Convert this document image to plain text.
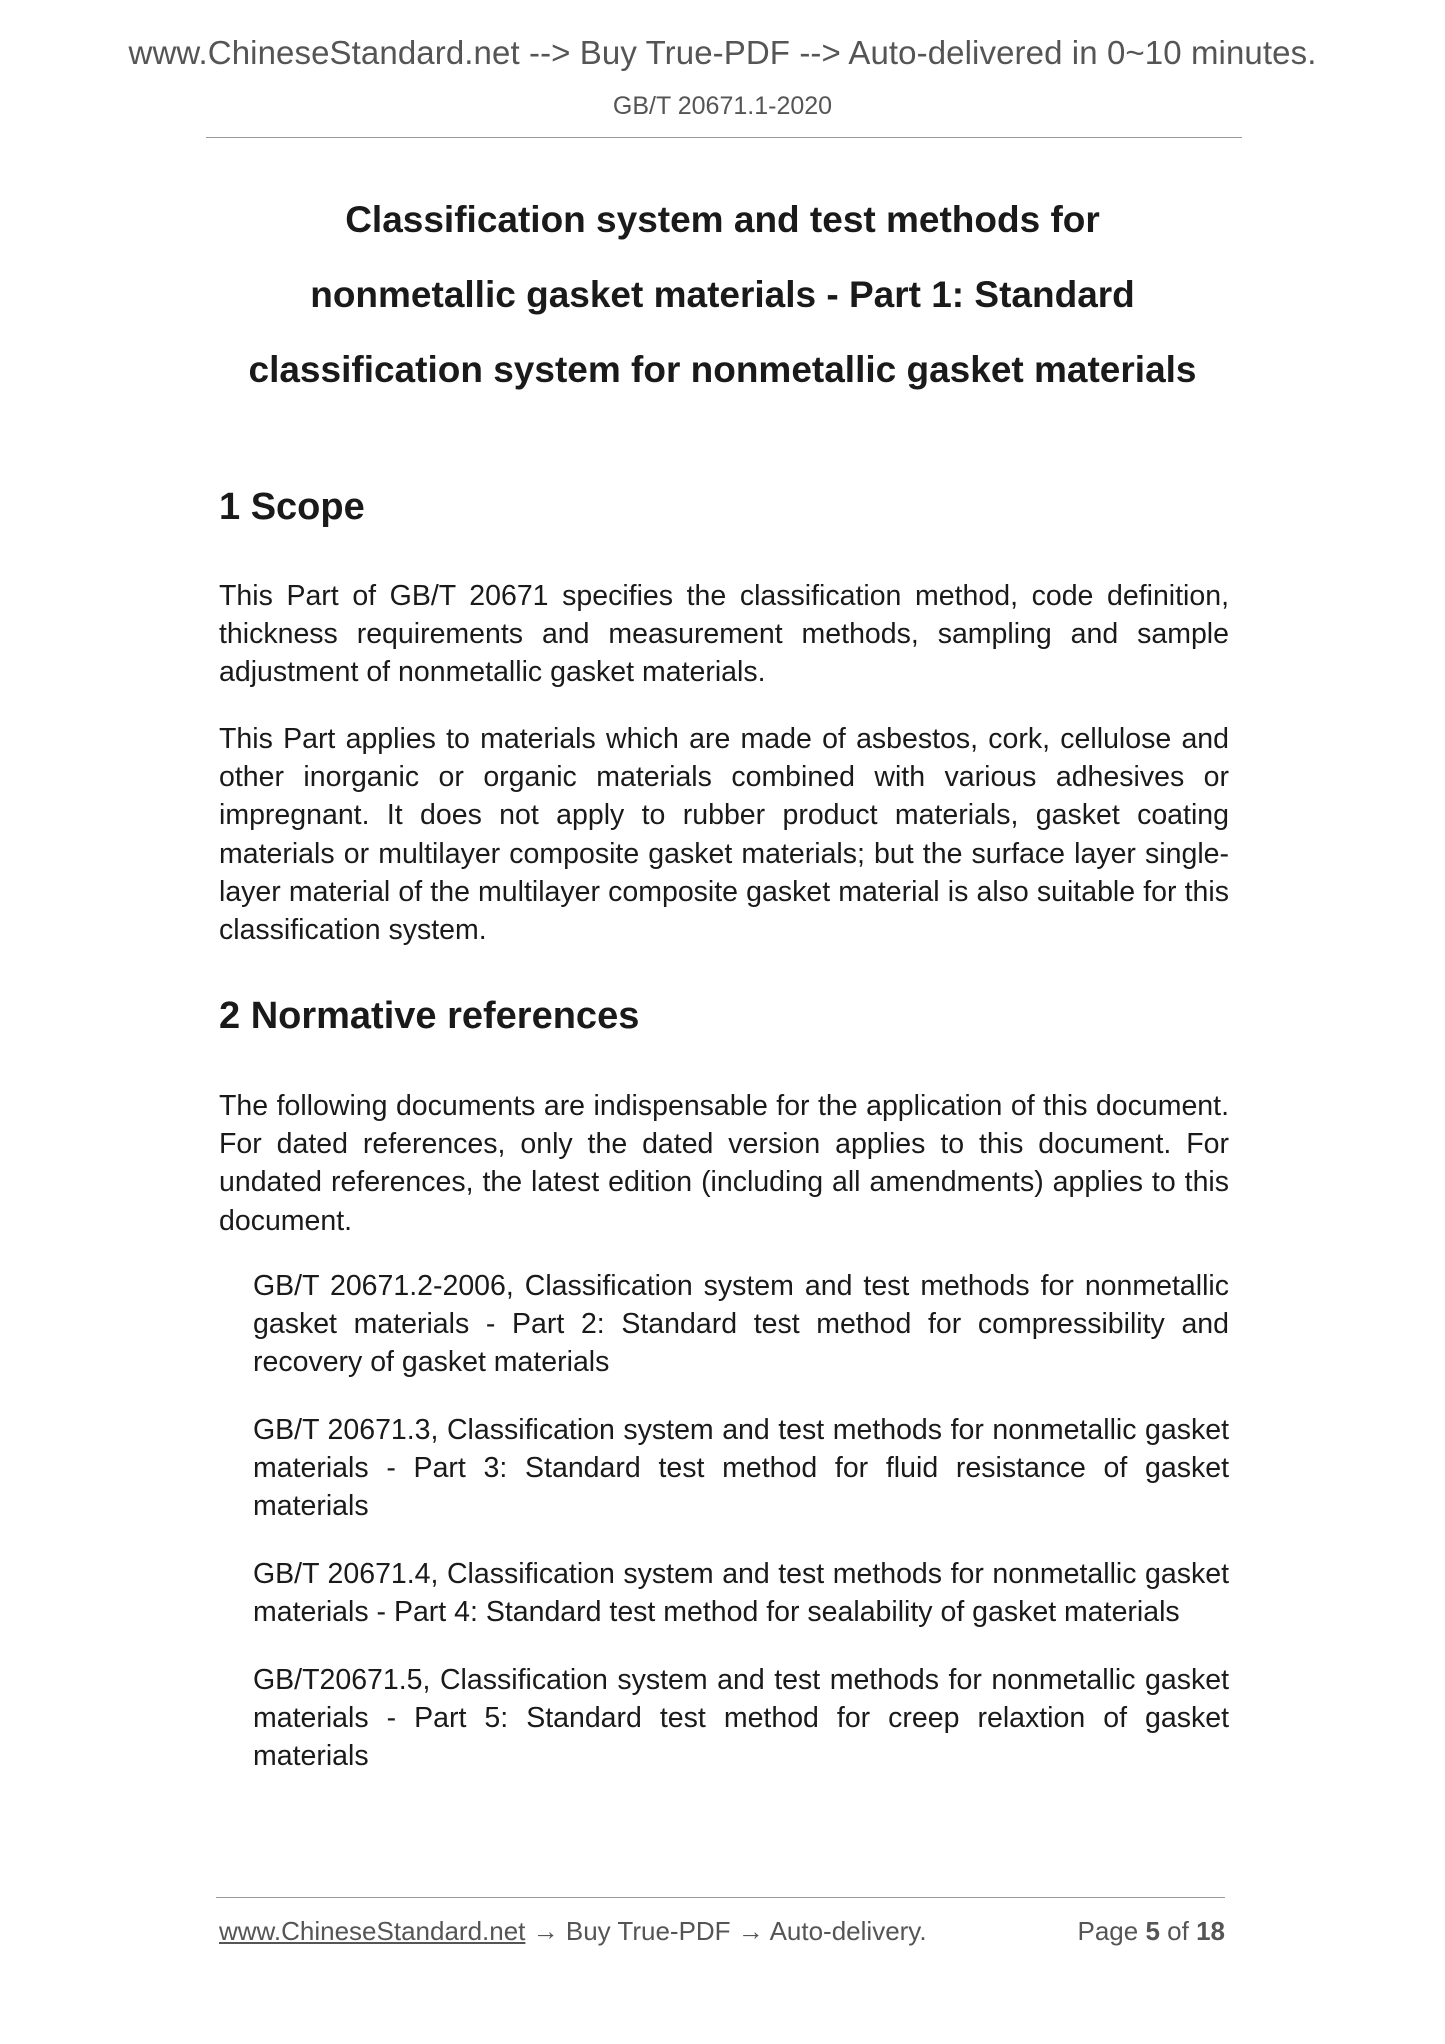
www.ChineseStandard.net --> Buy True-PDF --> Auto-delivered in 0~10 minutes.
GB/T 20671.1-2020
Classification system and test methods for
nonmetallic gasket materials - Part 1: Standard
classification system for nonmetallic gasket materials
1 Scope

This Part of GB/T 20671 specifies the classification method, code definition, thickness requirements and measurement methods, sampling and sample adjustment of nonmetallic gasket materials.

This Part applies to materials which are made of asbestos, cork, cellulose and other inorganic or organic materials combined with various adhesives or impregnant. It does not apply to rubber product materials, gasket coating materials or multilayer composite gasket materials; but the surface layer single-layer material of the multilayer composite gasket material is also suitable for this classification system.

2 Normative references

The following documents are indispensable for the application of this document. For dated references, only the dated version applies to this document. For undated references, the latest edition (including all amendments) applies to this document.

GB/T 20671.2-2006, Classification system and test methods for nonmetallic gasket materials - Part 2: Standard test method for compressibility and recovery of gasket materials

GB/T 20671.3, Classification system and test methods for nonmetallic gasket materials - Part 3: Standard test method for fluid resistance of gasket materials

GB/T 20671.4, Classification system and test methods for nonmetallic gasket materials - Part 4: Standard test method for sealability of gasket materials

GB/T20671.5, Classification system and test methods for nonmetallic gasket materials - Part 5: Standard test method for creep relaxtion of gasket materials

www.ChineseStandard.net → Buy True-PDF → Auto-delivery.	Page 5 of 18
